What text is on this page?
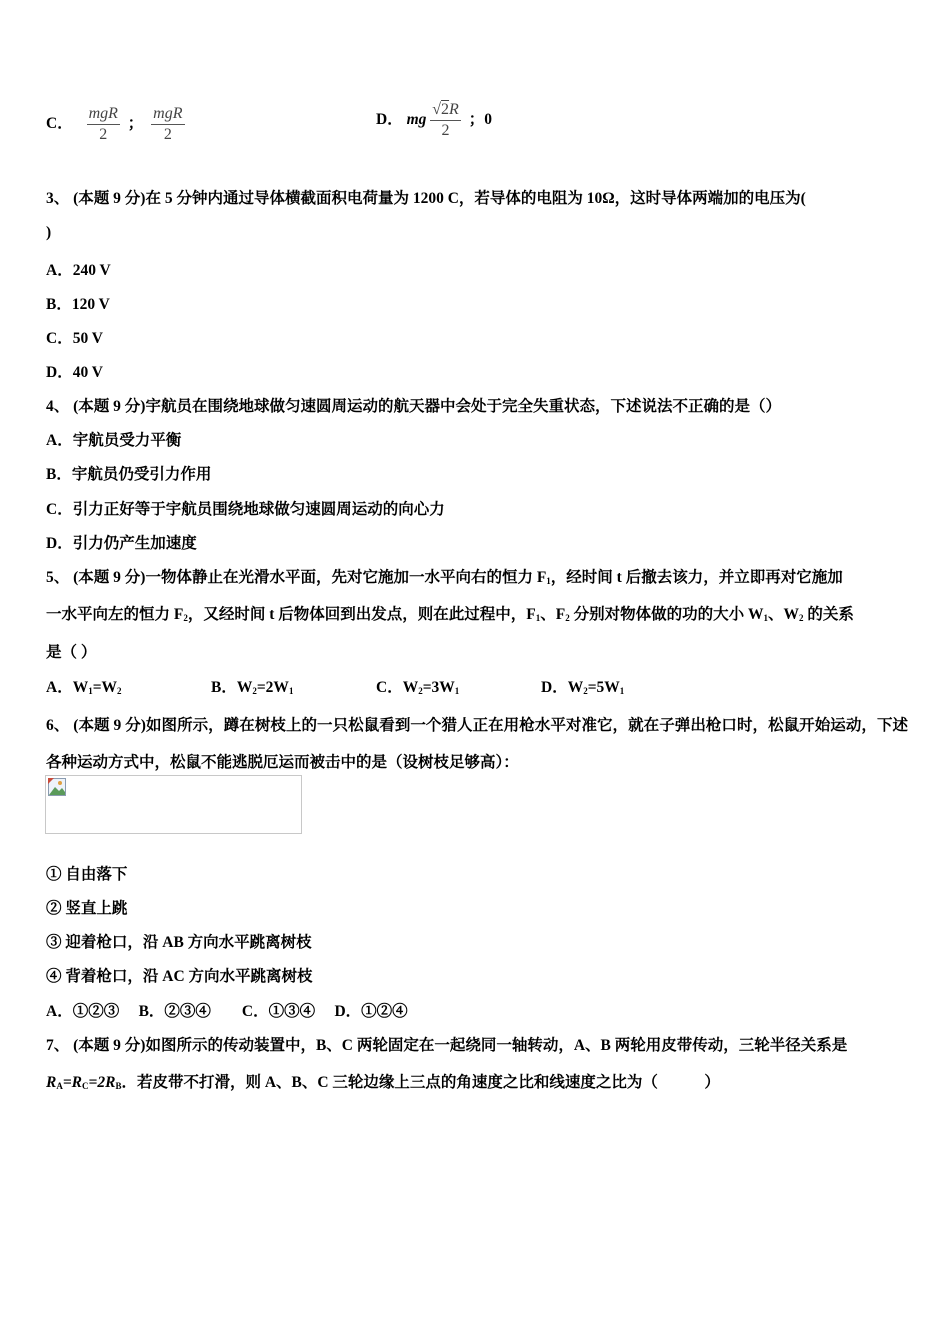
C． $\frac{\text{mgR}}{2}$ ； $\frac{\text{mgR}}{2}$	D． mg $\frac{√2R}{2}$ ；0
3、 (本题 9 分)在 5 分钟内通过导体横截面积电荷量为 1200 C，若导体的电阻为 10Ω，这时导体两端加的电压为(
)
A．240 V
B．120 V
C．50 V
D．40 V
4、 (本题 9 分)宇航员在围绕地球做匀速圆周运动的航天器中会处于完全失重状态，下述说法不正确的是（）
A．宇航员受力平衡
B．宇航员仍受引力作用
C．引力正好等于宇航员围绕地球做匀速圆周运动的向心力
D．引力仍产生加速度
5、 (本题 9 分)一物体静止在光滑水平面，先对它施加一水平向右的恒力 $F_1$，经时间 t 后撤去该力，并立即再对它施加
一水平向左的恒力 $F_2$，又经时间 t 后物体回到出发点，则在此过程中，$F_1$、$F_2$ 分别对物体做的功的大小 $W_1$、$W_2$ 的关系
是（ ）
A．$W_1=W_2$	B．$W_2=2W_1$	C．$W_2=3W_1$	D．$W_2=5W_1$
6、 (本题 9 分)如图所示，蹲在树枝上的一只松鼠看到一个猎人正在用枪水平对准它，就在子弹出枪口时，松鼠开始运动，下述各种运动方式中，松鼠不能逃脱厄运而被击中的是（设树枝足够高）：
① 自由落下
② 竖直上跳
③ 迎着枪口，沿 AB 方向水平跳离树枝
④ 背着枪口，沿 AC 方向水平跳离树枝
A．①②③　 B．②③④　　C．①③④　 D．①②④
7、 (本题 9 分)如图所示的传动装置中，B、C 两轮固定在一起绕同一轴转动，A、B 两轮用皮带传动，三轮半径关系是
$R_A=R_C=2R_B$．若皮带不打滑，则 A、B、C 三轮边缘上三点的角速度之比和线速度之比为（　　　）
